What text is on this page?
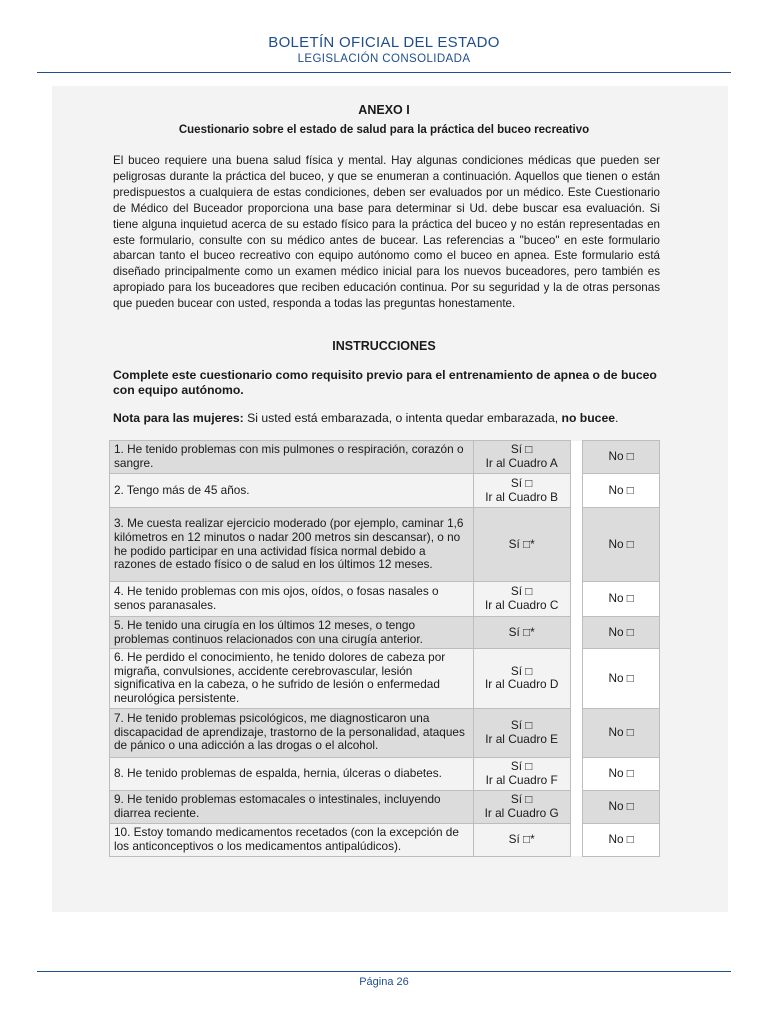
BOLETÍN OFICIAL DEL ESTADO
LEGISLACIÓN CONSOLIDADA
ANEXO I
Cuestionario sobre el estado de salud para la práctica del buceo recreativo
El buceo requiere una buena salud física y mental. Hay algunas condiciones médicas que pueden ser peligrosas durante la práctica del buceo, y que se enumeran a continuación. Aquellos que tienen o están predispuestos a cualquiera de estas condiciones, deben ser evaluados por un médico. Este Cuestionario de Médico del Buceador proporciona una base para determinar si Ud. debe buscar esa evaluación. Si tiene alguna inquietud acerca de su estado físico para la práctica del buceo y no están representadas en este formulario, consulte con su médico antes de bucear. Las referencias a "buceo" en este formulario abarcan tanto el buceo recreativo con equipo autónomo como el buceo en apnea. Este formulario está diseñado principalmente como un examen médico inicial para los nuevos buceadores, pero también es apropiado para los buceadores que reciben educación continua. Por su seguridad y la de otras personas que pueden bucear con usted, responda a todas las preguntas honestamente.
INSTRUCCIONES
Complete este cuestionario como requisito previo para el entrenamiento de apnea o de buceo con equipo autónomo.
Nota para las mujeres: Si usted está embarazada, o intenta quedar embarazada, no bucee.
1. He tenido problemas con mis pulmones o respiración, corazón o sangre.	Sí □
Ir al Cuadro A		No □
2. Tengo más de 45 años.	Sí □
Ir al Cuadro B		No □
3. Me cuesta realizar ejercicio moderado (por ejemplo, caminar 1,6 kilómetros en 12 minutos o nadar 200 metros sin descansar), o no he podido participar en una actividad física normal debido a razones de estado físico o de salud en los últimos 12 meses.	Sí □*		No □
4. He tenido problemas con mis ojos, oídos, o fosas nasales o senos paranasales.	Sí □
Ir al Cuadro C		No □
5. He tenido una cirugía en los últimos 12 meses, o tengo problemas continuos relacionados con una cirugía anterior.	Sí □*		No □
6. He perdido el conocimiento, he tenido dolores de cabeza por migraña, convulsiones, accidente cerebrovascular, lesión significativa en la cabeza, o he sufrido de lesión o enfermedad neurológica persistente.	Sí □
Ir al Cuadro D		No □
7. He tenido problemas psicológicos, me diagnosticaron una discapacidad de aprendizaje, trastorno de la personalidad, ataques de pánico o una adicción a las drogas o el alcohol.	Sí □
Ir al Cuadro E		No □
8. He tenido problemas de espalda, hernia, úlceras o diabetes.	Sí □
Ir al Cuadro F		No □
9. He tenido problemas estomacales o intestinales, incluyendo diarrea reciente.	Sí □
Ir al Cuadro G		No □
10. Estoy tomando medicamentos recetados (con la excepción de los anticonceptivos o los medicamentos antipalúdicos).	Sí □*		No □
Página 26
